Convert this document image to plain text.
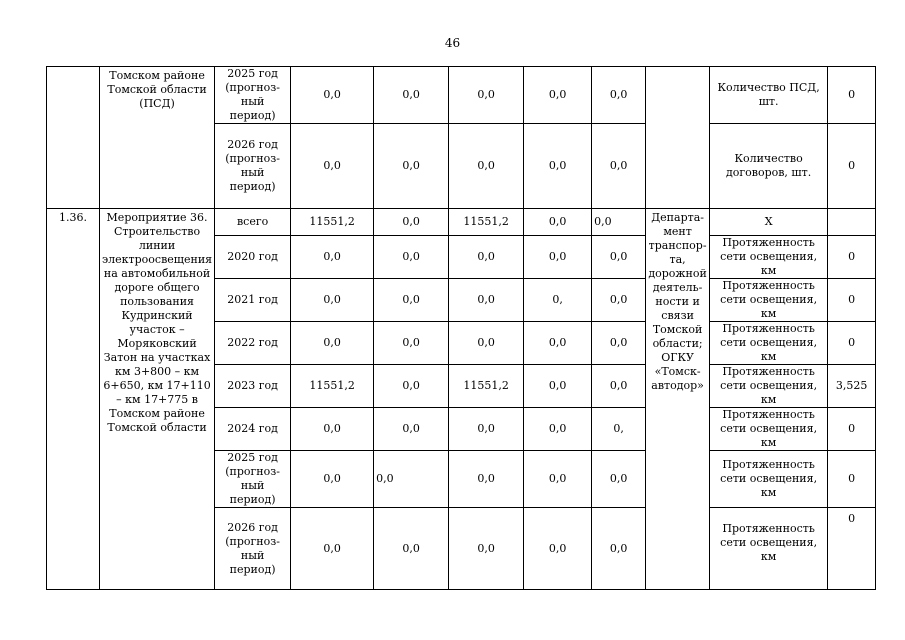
46
	Томском районе Томской области (ПСД)	2025 год (прогноз-ный период)	0,0	0,0	0,0	0,0	0,0		Количество ПСД, шт.	0
		2026 год (прогноз-ный период)	0,0	0,0	0,0	0,0	0,0		Количество договоров, шт.	0
1.36.	Мероприятие 36. Строительство линии электроосвещения на автомобильной дороге общего пользования Кудринский участок – Моряковский Затон на участках км 3+800 – км 6+650, км 17+110 – км 17+775 в Томском районе Томской области	всего	11551,2	0,0	11551,2	0,0	0,0	Департа-мент транспор-та, дорожной деятель-ности и связи Томской области; ОГКУ «Томск-автодор»	Х	
		2020 год	0,0	0,0	0,0	0,0	0,0		Протяженность сети освещения, км	0
		2021 год	0,0	0,0	0,0	0,	0,0		Протяженность сети освещения, км	0
		2022 год	0,0	0,0	0,0	0,0	0,0		Протяженность сети освещения, км	0
		2023 год	11551,2	0,0	11551,2	0,0	0,0		Протяженность сети освещения, км	3,525
		2024 год	0,0	0,0	0,0	0,0	0,		Протяженность сети освещения, км	0
		2025 год (прогноз-ный период)	0,0	0,0	0,0	0,0	0,0		Протяженность сети освещения, км	0
		2026 год (прогноз-ный период)	0,0	0,0	0,0	0,0	0,0		Протяженность сети освещения, км	0
